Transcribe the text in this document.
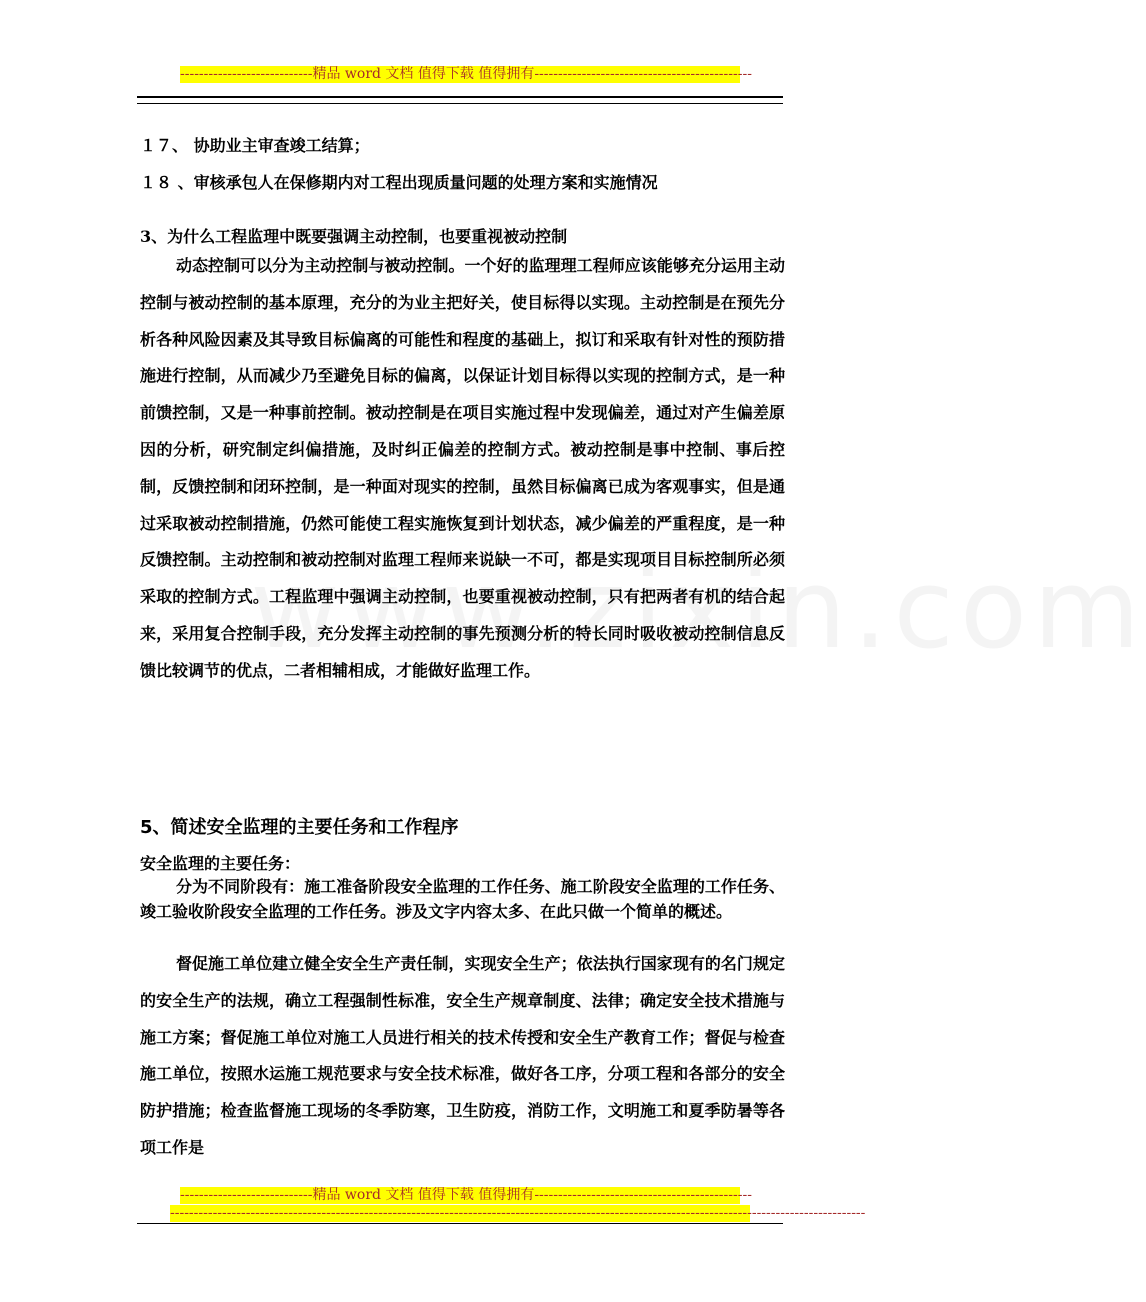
----------------------------精品 word 文档 值得下载 值得拥有----------------------------------------------
１７、 协助业主审查竣工结算；
１８ 、审核承包人在保修期内对工程出现质量问题的处理方案和实施情况
3、为什么工程监理中既要强调主动控制，也要重视被动控制
动态控制可以分为主动控制与被动控制。一个好的监理理工程师应该能够充分运用主动控制与被动控制的基本原理，充分的为业主把好关，使目标得以实现。主动控制是在预先分析各种风险因素及其导致目标偏离的可能性和程度的基础上，拟订和采取有针对性的预防措施进行控制，从而减少乃至避免目标的偏离，以保证计划目标得以实现的控制方式，是一种前馈控制，又是一种事前控制。被动控制是在项目实施过程中发现偏差，通过对产生偏差原因的分析，研究制定纠偏措施，及时纠正偏差的控制方式。被动控制是事中控制、事后控制，反馈控制和闭环控制，是一种面对现实的控制，虽然目标偏离已成为客观事实，但是通过采取被动控制措施，仍然可能使工程实施恢复到计划状态，减少偏差的严重程度，是一种反馈控制。主动控制和被动控制对监理工程师来说缺一不可，都是实现项目目标控制所必须采取的控制方式。工程监理中强调主动控制，也要重视被动控制，只有把两者有机的结合起来，采用复合控制手段，充分发挥主动控制的事先预测分析的特长同时吸收被动控制信息反馈比较调节的优点，二者相辅相成，才能做好监理工作。
5、简述安全监理的主要任务和工作程序
安全监理的主要任务：
分为不同阶段有：施工准备阶段安全监理的工作任务、施工阶段安全监理的工作任务、竣工验收阶段安全监理的工作任务。涉及文字内容太多、在此只做一个简单的概述。
督促施工单位建立健全安全生产责任制，实现安全生产；依法执行国家现有的名门规定的安全生产的法规，确立工程强制性标准，安全生产规章制度、法律；确定安全技术措施与施工方案；督促施工单位对施工人员进行相关的技术传授和安全生产教育工作；督促与检查施工单位，按照水运施工规范要求与安全技术标准，做好各工序，分项工程和各部分的安全防护措施；检查监督施工现场的冬季防寒，卫生防疫，消防工作，文明施工和夏季防暑等各项工作是
----------------------------精品 word 文档 值得下载 值得拥有----------------------------------------------
---------------------------------------------------------------------------------------------------------------------------------------------------
